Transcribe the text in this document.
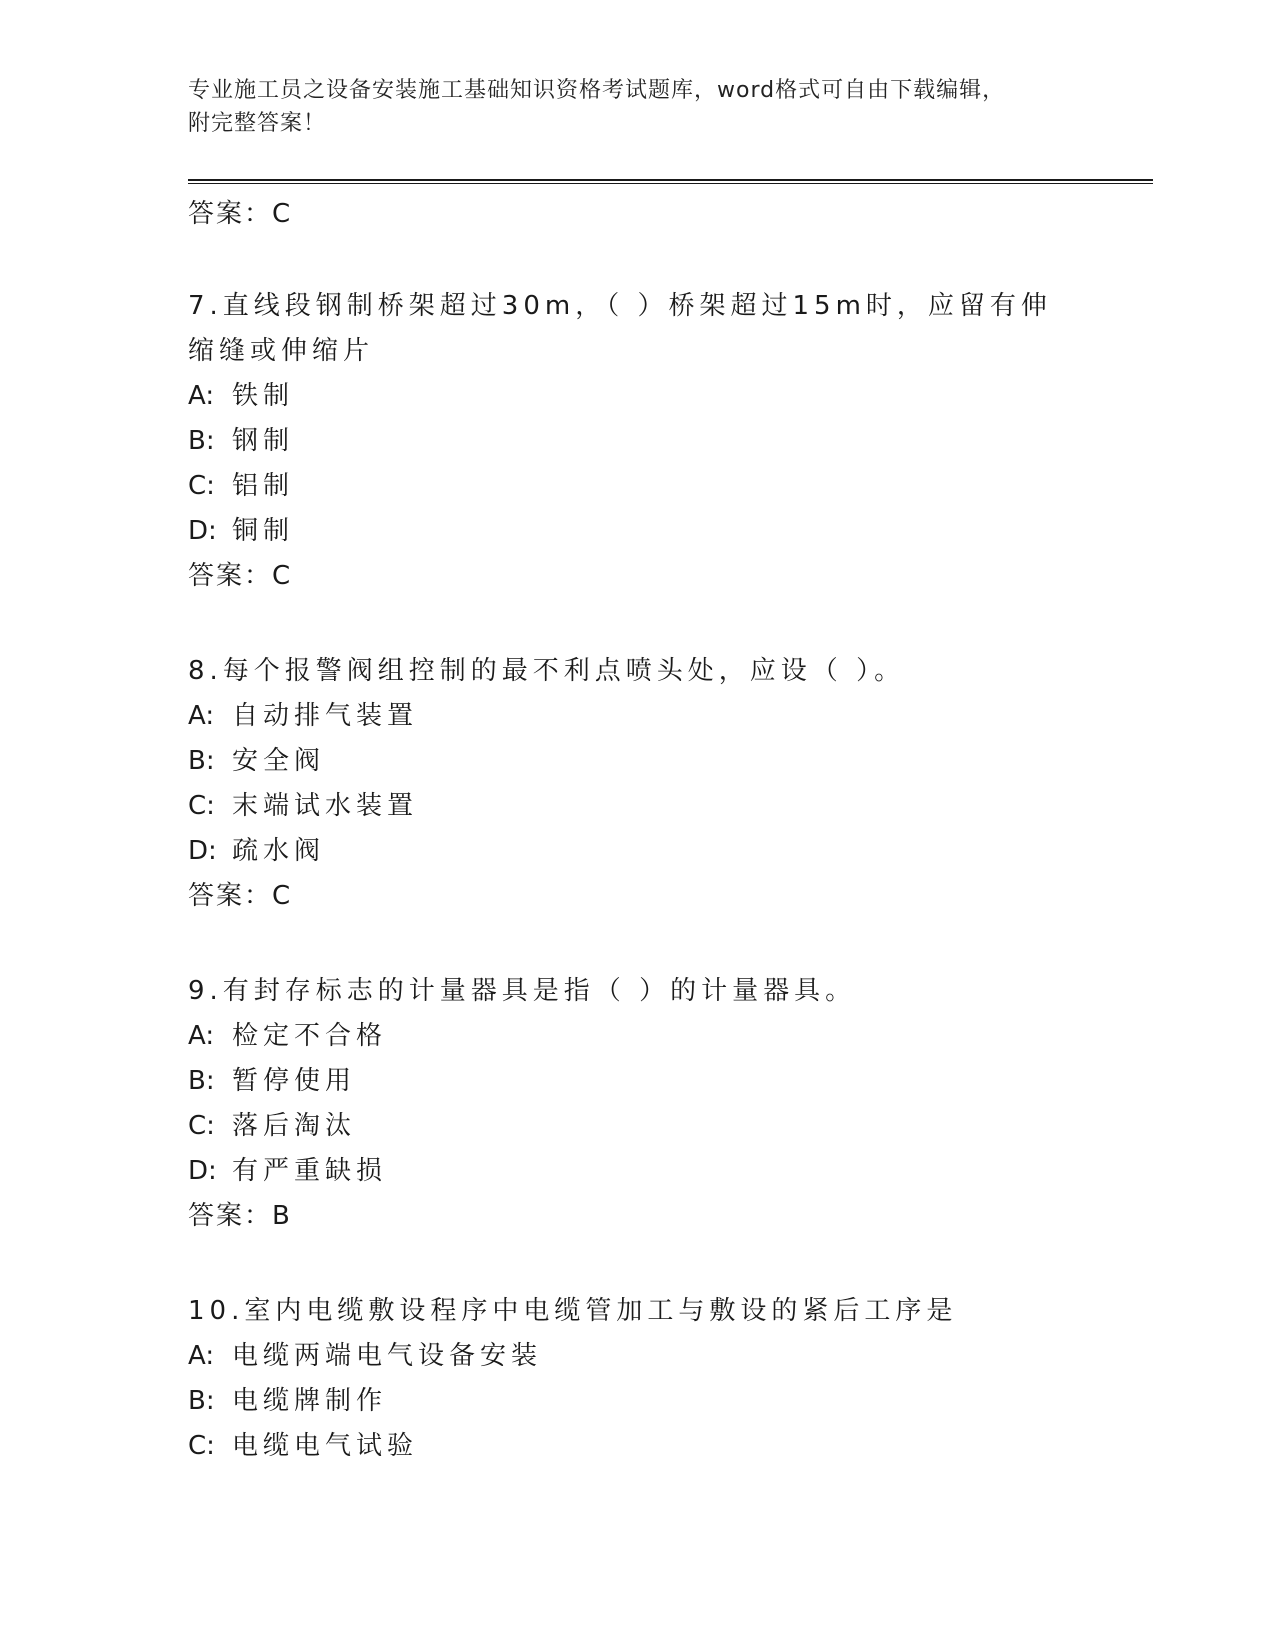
专业施工员之设备安装施工基础知识资格考试题库，word格式可自由下载编辑，
附完整答案！
答案：C
7.直线段钢制桥架超过30m，（ ）桥架超过15m时，应留有伸缩缝或伸缩片
A: 铁制
B: 钢制
C: 铝制
D: 铜制
答案：C
8.每个报警阀组控制的最不利点喷头处，应设（ ）。
A: 自动排气装置
B: 安全阀
C: 末端试水装置
D: 疏水阀
答案：C
9.有封存标志的计量器具是指（ ）的计量器具。
A: 检定不合格
B: 暂停使用
C: 落后淘汰
D: 有严重缺损
答案：B
10.室内电缆敷设程序中电缆管加工与敷设的紧后工序是
A: 电缆两端电气设备安装
B: 电缆牌制作
C: 电缆电气试验
